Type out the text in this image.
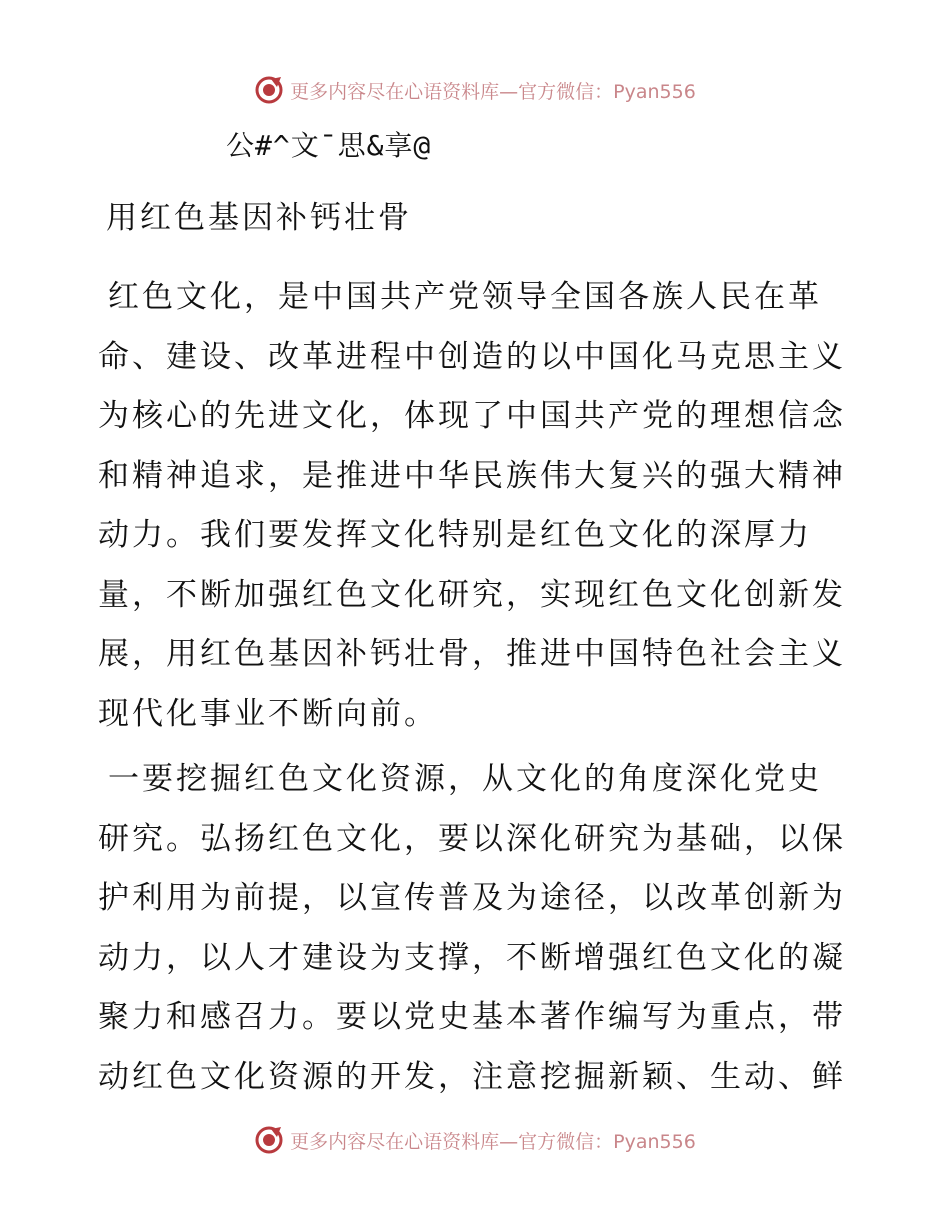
更多内容尽在心语资料库—官方微信：Pyan556
公#^文¯思&享@
用红色基因补钙壮骨
红色文化，是中国共产党领导全国各族人民在革
命、建设、改革进程中创造的以中国化马克思主义
为核心的先进文化，体现了中国共产党的理想信念
和精神追求，是推进中华民族伟大复兴的强大精神
动力。我们要发挥文化特别是红色文化的深厚力
量，不断加强红色文化研究，实现红色文化创新发
展，用红色基因补钙壮骨，推进中国特色社会主义
现代化事业不断向前。
一要挖掘红色文化资源，从文化的角度深化党史
研究。弘扬红色文化，要以深化研究为基础，以保
护利用为前提，以宣传普及为途径，以改革创新为
动力，以人才建设为支撑，不断增强红色文化的凝
聚力和感召力。要以党史基本著作编写为重点，带
动红色文化资源的开发，注意挖掘新颖、生动、鲜
更多内容尽在心语资料库—官方微信：Pyan556
